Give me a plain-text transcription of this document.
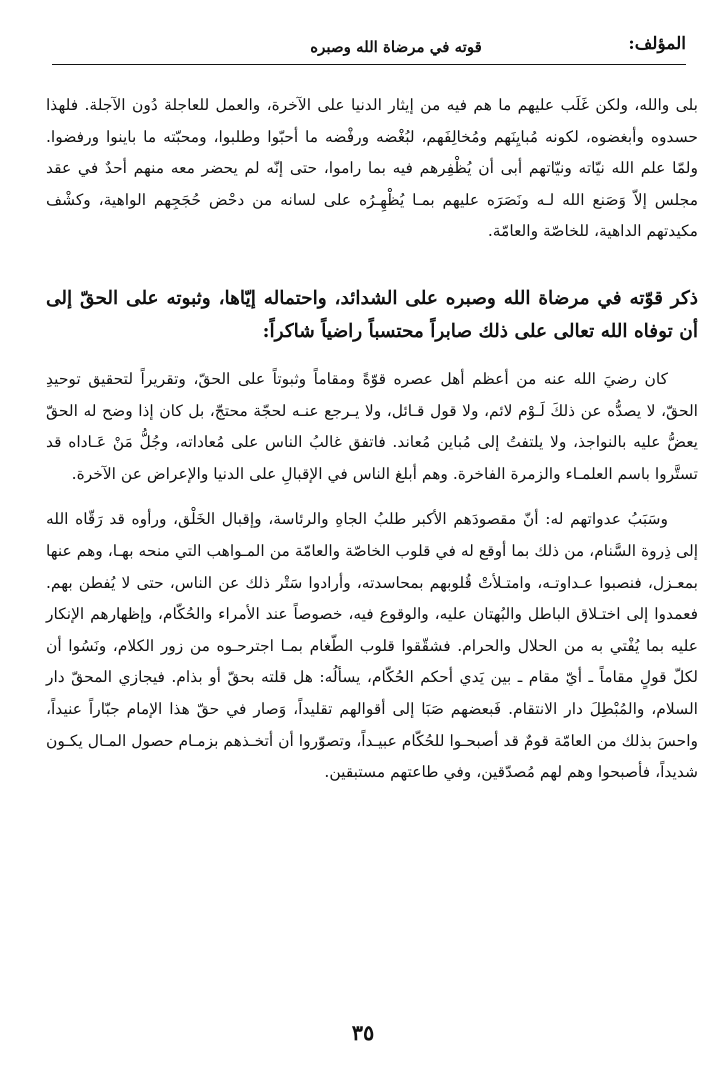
المؤلف:
قوته في مرضاة الله وصبره

بلى والله، ولكن غَلَب عليهم ما هم فيه من إيثار الدنيا على الآخرة، والعمل للعاجلة دُون الآجلة. فلهذا حسدوه وأبغضوه، لكونه مُبايِنَهم ومُخالِفَهم، لبُغْضه ورفْضه ما أحبّوا وطلبوا، ومحبّته ما باينوا ورفضوا. ولمّا علم الله نيّاته ونيّاتهم أبى أن يُظْفِرهم فيه بما راموا، حتى إنّه لم يحضر معه منهم أحدٌ في عقد مجلس إلاّ وَصَنع الله لـه ونَصَرَه عليهم بمـا يُظْهِـرُه على لسانه من دحْض حُجَجِهم الواهية، وكشْف مكيدتهم الداهية، للخاصّة والعامّة.

ذكر قوّته في مرضاة الله وصبره على الشدائد، واحتماله إيّاها، وثبوته على الحقّ إلى أن توفاه الله تعالى على ذلك صابراً محتسباً راضياً شاكراً:

كان رضيَ الله عنه من أعظم أهل عصره قوّةً ومقاماً وثبوتاً على الحقّ، وتقريراً لتحقيق توحيدِ الحقّ، لا يصدُّه عن ذلكَ لَـوْم لائم، ولا قول قـائل، ولا يـرجع عنـه لحجّة محتجّ، بل كان إذا وضح له الحقّ يعضُّ عليه بالنواجذ، ولا يلتفتُ إلى مُباين مُعاند. فاتفق غالبُ الناس على مُعاداته، وجُلُّ مَنْ عَـاداه قد تستَّروا باسم العلمـاء والزمرة الفاخرة. وهم أبلغ الناس في الإقبالِ على الدنيا والإعراض عن الآخرة.

وسَبَبُ عدواتهم له: أنّ مقصودَهم الأكبر طلبُ الجاهِ والرئاسة، وإقبال الخَلْق، ورأوه قد رَقّاه الله إلى ذِروة السَّنام، من ذلك بما أوقع له في قلوب الخاصّة والعامّة من المـواهب التي منحه بهـا، وهم عنها بمعـزل، فنصبوا عـداوتـه، وامتـلأتْ قُلوبهم بمحاسدته، وأرادوا سَتْر ذلك عن الناس، حتى لا يُفطن بهم. فعمدوا إلى اختـلاق الباطل والبُهتان عليه، والوقوع فيه، خصوصاً عند الأمراء والحُكّام، وإظهارهم الإنكار عليه بما يُفْتي به من الحلال والحرام. فشقّقوا قلوب الطّغام بمـا اجترحـوه من زور الكلام، ونَسُوا أن لكلّ قولٍ مقاماً ـ أيّ مقام ـ بين يَدي أحكم الحُكّام، يسألُه: هل قلته بحقّ أو بذام. فيجازي المحقّ دار السلام، والمُبْطِلَ دار الانتقام. فَبعضهم صَبَا إلى أقوالهم تقليداً، وَصار في حقّ هذا الإمام جبّاراً عنيداً، واحسَ بذلك من العامّة قومٌ قد أصبحـوا للحُكّام عبيـداً، وتصوّروا أن أتخـذهم بزمـام حصول المـال يكـون شديداً، فأصبحوا وهم لهم مُصدّقين، وفي طاعتهم مستبقين.

٣٥
